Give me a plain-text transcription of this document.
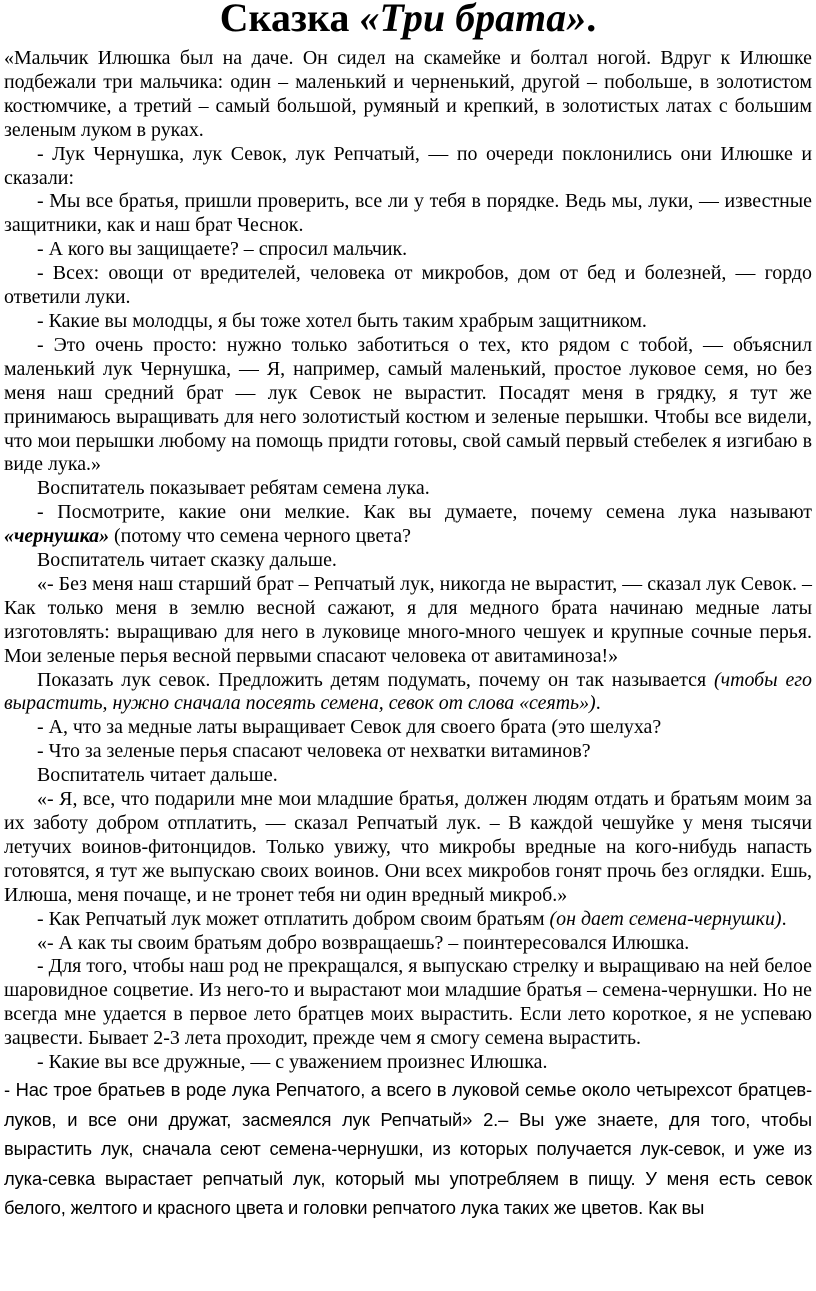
Сказка «Три брата».

«Мальчик Илюшка был на даче. Он сидел на скамейке и болтал ногой. Вдруг к Илюшке подбежали три мальчика: один – маленький и черненький, другой – побольше, в золотистом костюмчике, а третий – самый большой, румяный и крепкий, в золотистых латах с большим зеленым луком в руках.

- Лук Чернушка, лук Севок, лук Репчатый, — по очереди поклонились они Илюшке и сказали:

- Мы все братья, пришли проверить, все ли у тебя в порядке. Ведь мы, луки, — известные защитники, как и наш брат Чеснок.

- А кого вы защищаете? – спросил мальчик.

- Всех: овощи от вредителей, человека от микробов, дом от бед и болезней, — гордо ответили луки.

- Какие вы молодцы, я бы тоже хотел быть таким храбрым защитником.

- Это очень просто: нужно только заботиться о тех, кто рядом с тобой, — объяснил маленький лук Чернушка, — Я, например, самый маленький, простое луковое семя, но без меня наш средний брат — лук Севок не вырастит. Посадят меня в грядку, я тут же принимаюсь выращивать для него золотистый костюм и зеленые перышки. Чтобы все видели, что мои перышки любому на помощь придти готовы, свой самый первый стебелек я изгибаю в виде лука.»

Воспитатель показывает ребятам семена лука.

- Посмотрите, какие они мелкие. Как вы думаете, почему семена лука называют «чернушка» (потому что семена черного цвета?

Воспитатель читает сказку дальше.

«- Без меня наш старший брат – Репчатый лук, никогда не вырастит, — сказал лук Севок. – Как только меня в землю весной сажают, я для медного брата начинаю медные латы изготовлять: выращиваю для него в луковице много-много чешуек и крупные сочные перья. Мои зеленые перья весной первыми спасают человека от авитаминоза!»

Показать лук севок. Предложить детям подумать, почему он так называется (чтобы его вырастить, нужно сначала посеять семена, севок от слова «сеять»).

- А, что за медные латы выращивает Севок для своего брата (это шелуха?

- Что за зеленые перья спасают человека от нехватки витаминов?

Воспитатель читает дальше.

«- Я, все, что подарили мне мои младшие братья, должен людям отдать и братьям моим за их заботу добром отплатить, — сказал Репчатый лук. – В каждой чешуйке у меня тысячи летучих воинов-фитонцидов. Только увижу, что микробы вредные на кого-нибудь напасть готовятся, я тут же выпускаю своих воинов. Они всех микробов гонят прочь без оглядки. Ешь, Илюша, меня почаще, и не тронет тебя ни один вредный микроб.»

- Как Репчатый лук может отплатить добром своим братьям (он дает семена-чернушки).

«- А как ты своим братьям добро возвращаешь? – поинтересовался Илюшка.

- Для того, чтобы наш род не прекращался, я выпускаю стрелку и выращиваю на ней белое шаровидное соцветие. Из него-то и вырастают мои младшие братья – семена-чернушки. Но не всегда мне удается в первое лето братцев моих вырастить. Если лето короткое, я не успеваю зацвести. Бывает 2-3 лета проходит, прежде чем я смогу семена вырастить.

- Какие вы все дружные, — с уважением произнес Илюшка.

- Нас трое братьев в роде лука Репчатого, а всего в луковой семье около четырехсот братцев-луков, и все они дружат, засмеялся лук Репчатый» 2.– Вы уже знаете, для того, чтобы вырастить лук, сначала сеют семена-чернушки, из которых получается лук-севок, и уже из лука-севка вырастает репчатый лук, который мы употребляем в пищу. У меня есть севок белого, желтого и красного цвета и головки репчатого лука таких же цветов. Как вы
